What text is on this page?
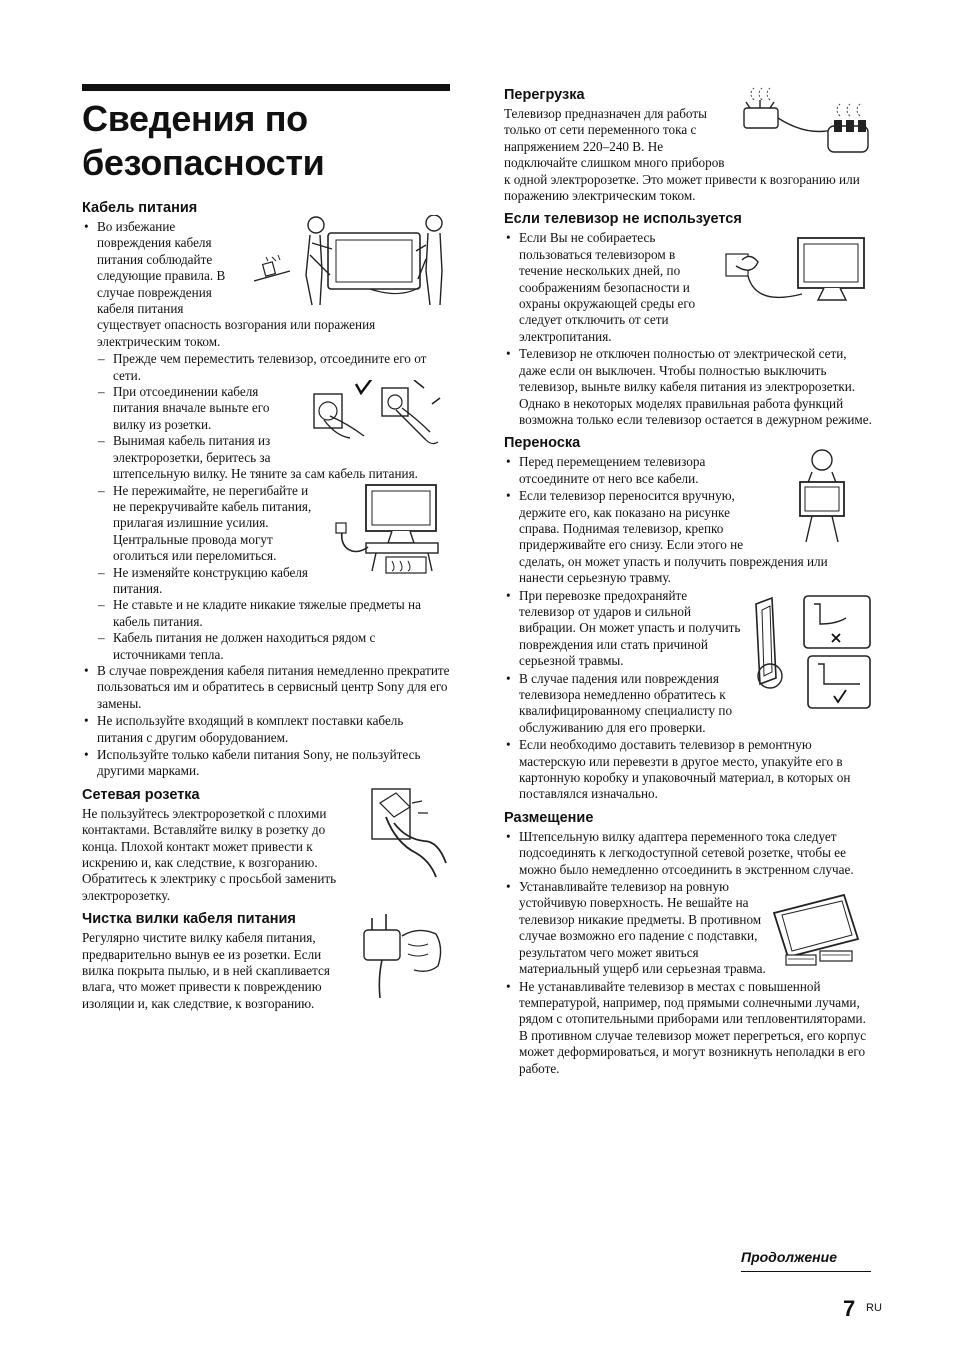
Сведения по безопасности
Кабель питания
• Во избежание повреждения кабеля питания соблюдайте следующие правила. В случае повреждения кабеля питания существует опасность возгорания или поражения электрическим током.
– Прежде чем переместить телевизор, отсоедините его от сети.
– При отсоединении кабеля питания вначале выньте его вилку из розетки.
– Вынимая кабель питания из электророзетки, беритесь за штепсельную вилку. Не тяните за сам кабель питания.
– Не пережимайте, не перегибайте и не перекручивайте кабель питания, прилагая излишние усилия. Центральные провода могут оголиться или переломиться.
– Не изменяйте конструкцию кабеля питания.
– Не ставьте и не кладите никакие тяжелые предметы на кабель питания.
– Кабель питания не должен находиться рядом с источниками тепла.
• В случае повреждения кабеля питания немедленно прекратите пользоваться им и обратитесь в сервисный центр Sony для его замены.
• Не используйте входящий в комплект поставки кабель питания с другим оборудованием.
• Используйте только кабели питания Sony, не пользуйтесь другими марками.
Сетевая розетка

Не пользуйтесь электророзеткой с плохими контактами. Вставляйте вилку в розетку до конца. Плохой контакт может привести к искрению и, как следствие, к возгоранию. Обратитесь к электрику с просьбой заменить электророзетку.

Чистка вилки кабеля питания

Регулярно чистите вилку кабеля питания, предварительно вынув ее из розетки. Если вилка покрыта пылью, и в ней скапливается влага, что может привести к повреждению изоляции и, как следствие, к возгоранию.

Перегрузка

Телевизор предназначен для работы только от сети переменного тока с напряжением 220–240 В. Не подключайте слишком много приборов к одной электророзетке. Это может привести к возгоранию или поражению электрическим током.

Если телевизор не используется
• Если Вы не собираетесь пользоваться телевизором в течение нескольких дней, по соображениям безопасности и охраны окружающей среды его следует отключить от сети электропитания.
• Телевизор не отключен полностью от электрической сети, даже если он выключен. Чтобы полностью выключить телевизор, выньте вилку кабеля питания из электророзетки. Однако в некоторых моделях правильная работа функций возможна только если телевизор остается в дежурном режиме.
Переноска
• Перед перемещением телевизора отсоедините от него все кабели.
• Если телевизор переносится вручную, держите его, как показано на рисунке справа. Поднимая телевизор, крепко придерживайте его снизу. Если этого не сделать, он может упасть и получить повреждения или нанести серьезную травму.
• При перевозке предохраняйте телевизор от ударов и сильной вибрации. Он может упасть и получить повреждения или стать причиной серьезной травмы.
• В случае падения или повреждения телевизора немедленно обратитесь к квалифицированному специалисту по обслуживанию для его проверки.
• Если необходимо доставить телевизор в ремонтную мастерскую или перевезти в другое место, упакуйте его в картонную коробку и упаковочный материал, в которых он поставлялся изначально.
Размещение
• Штепсельную вилку адаптера переменного тока следует подсоединять к легкодоступной сетевой розетке, чтобы ее можно было немедленно отсоединить в экстренном случае.
• Устанавливайте телевизор на ровную устойчивую поверхность. Не вешайте на телевизор никакие предметы. В противном случае возможно его падение с подставки, результатом чего может явиться материальный ущерб или серьезная травма.
• Не устанавливайте телевизор в местах с повышенной температурой, например, под прямыми солнечными лучами, рядом с отопительными приборами или тепловентиляторами. В противном случае телевизор может перегреться, его корпус может деформироваться, и могут возникнуть неполадки в его работе.
Продолжение
7 RU
